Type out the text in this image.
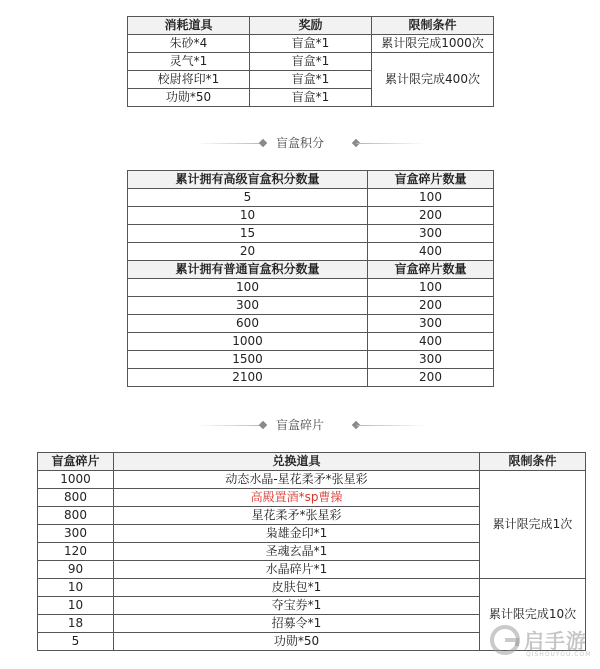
消耗道具	奖励	限制条件
朱砂*4	盲盒*1	累计限完成1000次
灵气*1	盲盒*1	累计限完成400次
校尉将印*1	盲盒*1	
功勋*50	盲盒*1	
盲盒积分
累计拥有高级盲盒积分数量	盲盒碎片数量
5	100
10	200
15	300
20	400
累计拥有普通盲盒积分数量	盲盒碎片数量
100	100
300	200
600	300
1000	400
1500	300
2100	200
盲盒碎片
盲盒碎片	兑换道具	限制条件
1000	动态水晶-星花柔矛*张星彩	累计限完成1次
800	高殿置酒*sp曹操	
800	星花柔矛*张星彩	
300	枭雄金印*1	
120	圣魂玄晶*1	
90	水晶碎片*1	
10	皮肤包*1	累计限完成10次
10	夺宝券*1	
18	招募令*1	
5	功勋*50		启手游
QISHOUYOU.COM
